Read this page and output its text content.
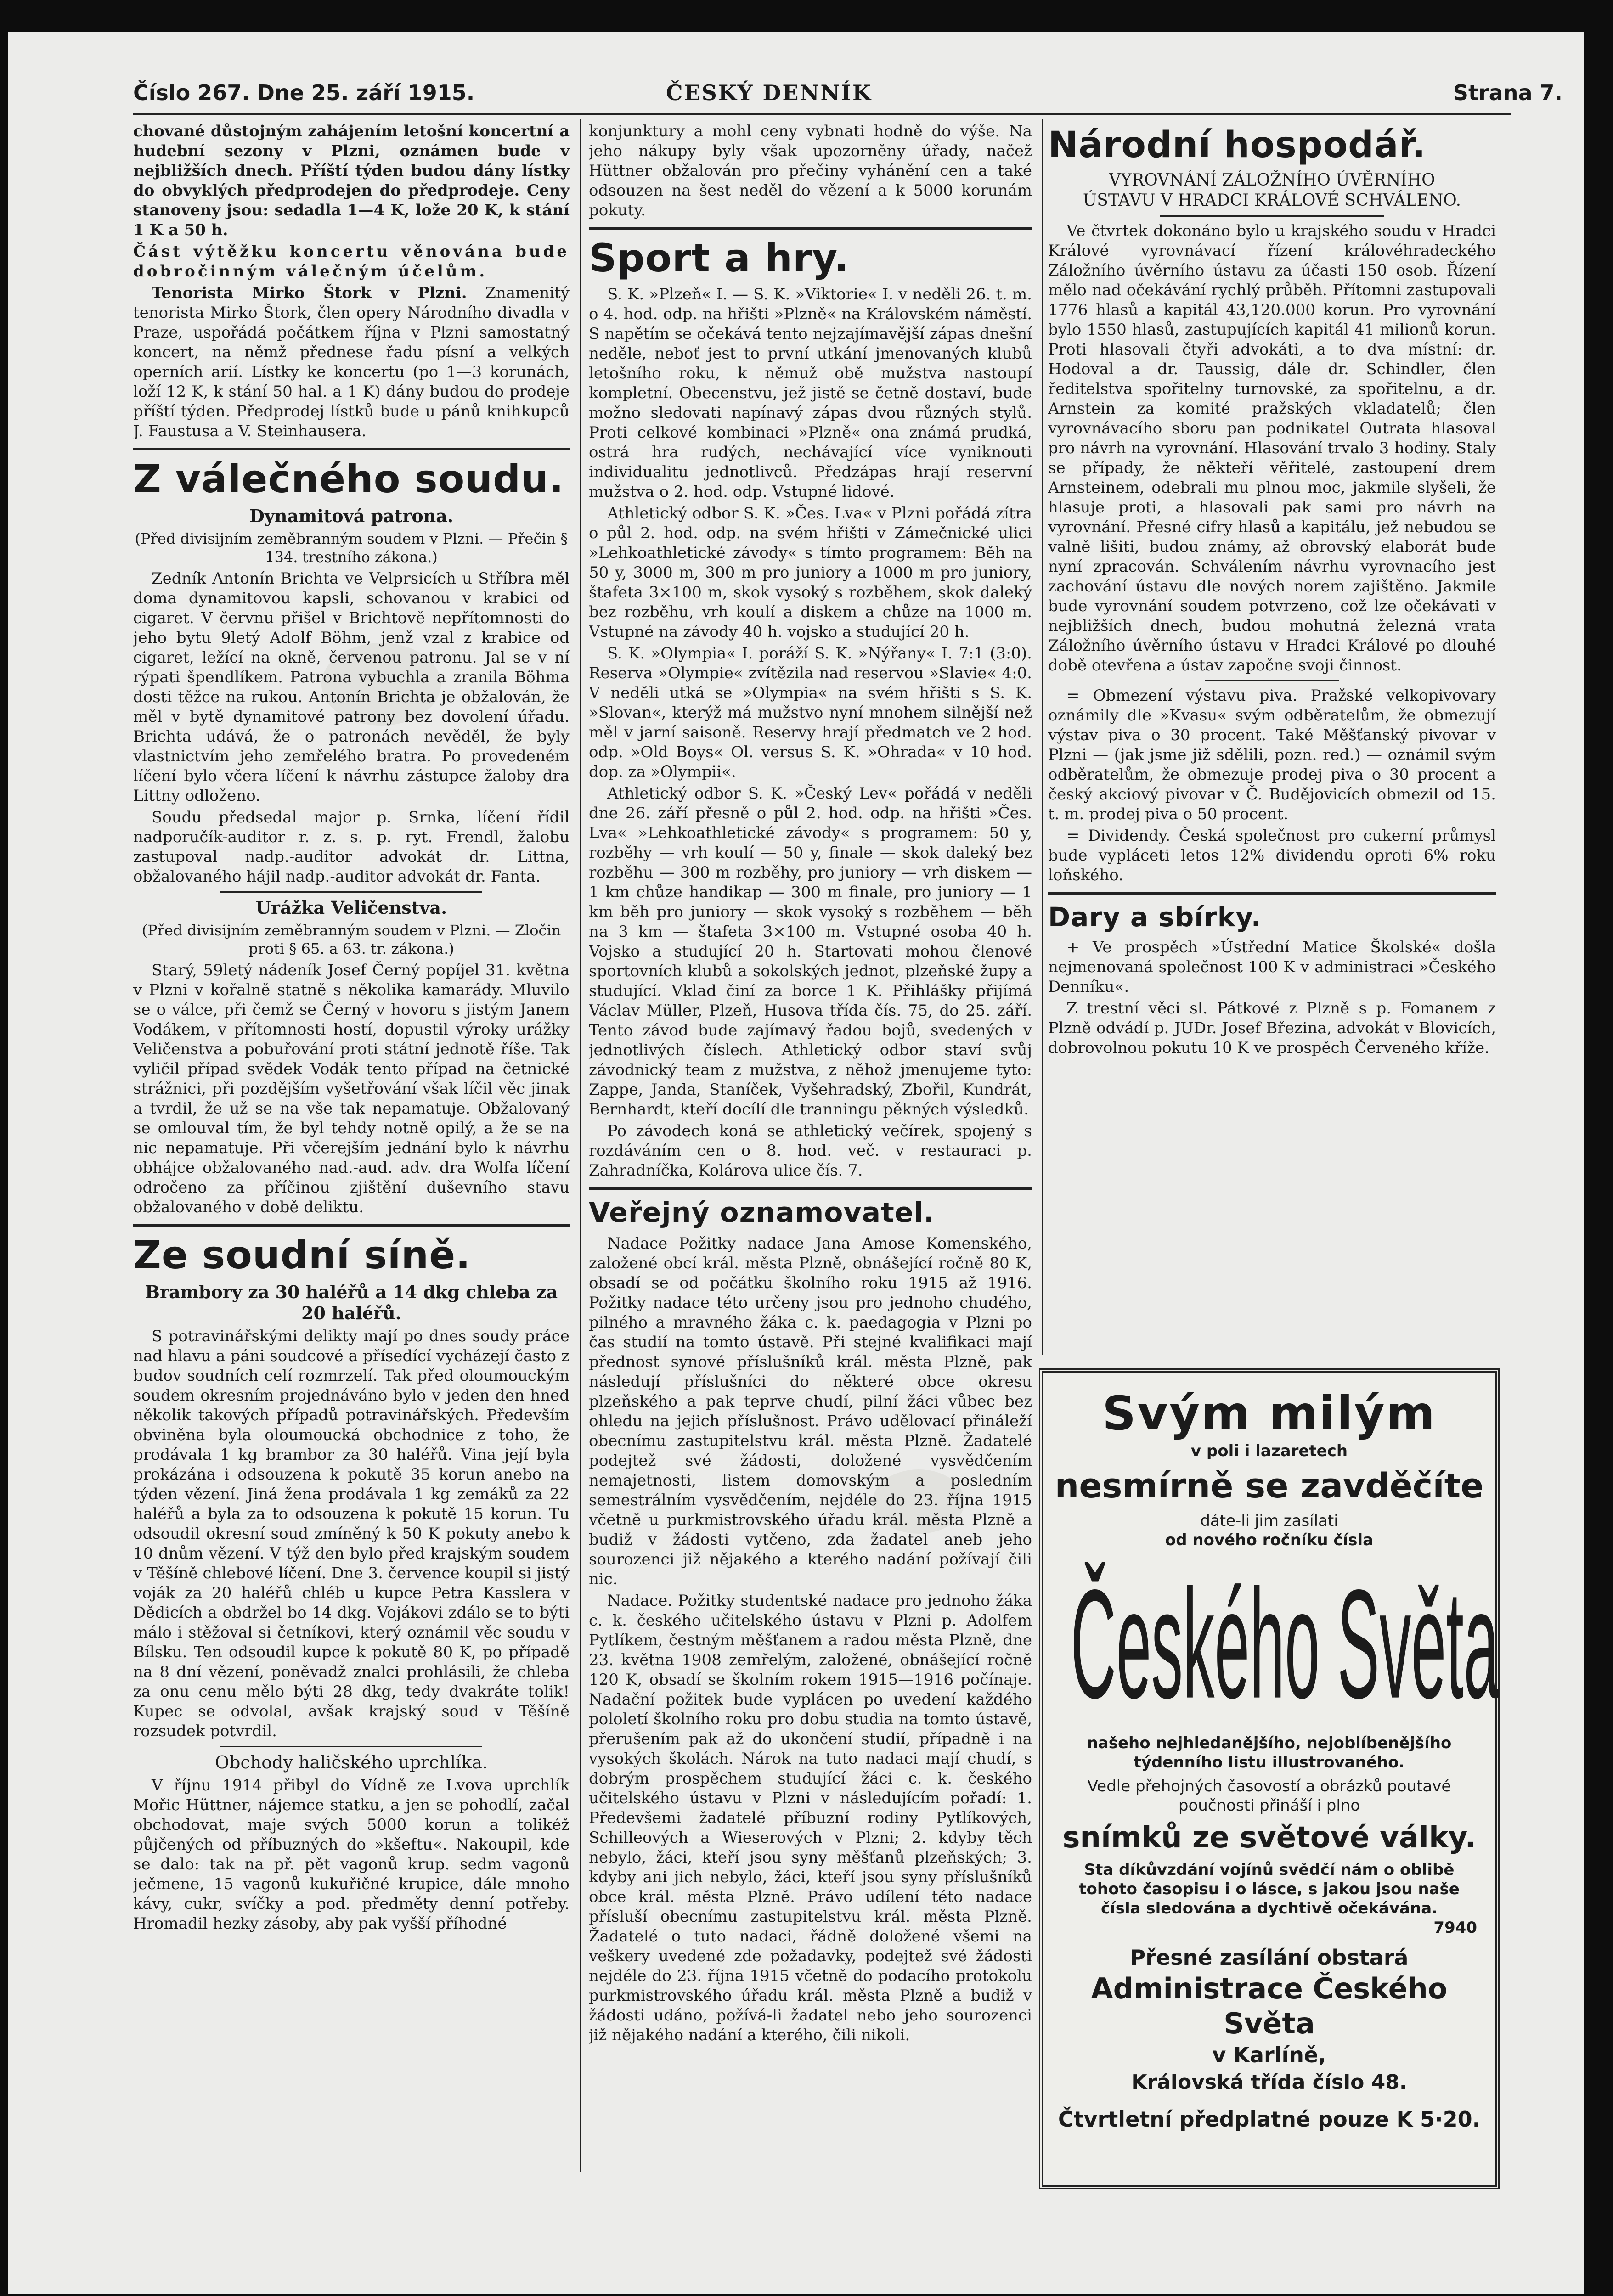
Číslo 267. Dne 25. září 1915.	ČESKÝ DENNÍK	Strana 7.

chované důstojným zahájením letošní koncertní a hudební sezony v Plzni, oznámen bude v nejbližších dnech. Příští týden budou dány lístky do obvyklých předprodejen do předprodeje. Ceny stanoveny jsou: sedadla 1—4 K, lože 20 K, k stání 1 K a 50 h.

Část výtěžku koncertu věnována bude dobročinným válečným účelům.

Tenorista Mirko Štork v Plzni. Znamenitý tenorista Mirko Štork, člen opery Národního divadla v Praze, uspořádá počátkem října v Plzni samostatný koncert, na němž přednese řadu písní a velkých operních arií. Lístky ke koncertu (po 1—3 korunách, loží 12 K, k stání 50 hal. a 1 K) dány budou do prodeje příští týden. Předprodej lístků bude u pánů knihkupců J. Faustusa a V. Steinhausera.

Z válečného soudu.
Dynamitová patrona.
(Před divisijním zeměbranným soudem v Plzni. — Přečin § 134. trestního zákona.)

Zedník Antonín Brichta ve Velprsicích u Stříbra měl doma dynamitovou kapsli, schovanou v krabici od cigaret. V červnu přišel v Brichtově nepřítomnosti do jeho bytu 9letý Adolf Böhm, jenž vzal z krabice od cigaret, ležící na okně, červenou patronu. Jal se v ní rýpati špendlíkem. Patrona vybuchla a zranila Böhma dosti těžce na rukou. Antonín Brichta je obžalován, že měl v bytě dynamitové patrony bez dovolení úřadu. Brichta udává, že o patronách nevěděl, že byly vlastnictvím jeho zemřelého bratra. Po provedeném líčení bylo včera líčení k návrhu zástupce žaloby dra Littny odloženo.

Soudu předsedal major p. Srnka, líčení řídil nadporučík-auditor r. z. s. p. ryt. Frendl, žalobu zastupoval nadp.-auditor advokát dr. Littna, obžalovaného hájil nadp.-auditor advokát dr. Fanta.

Urážka Veličenstva.
(Před divisijním zeměbranným soudem v Plzni. — Zločin proti § 65. a 63. tr. zákona.)

Starý, 59letý nádeník Josef Černý popíjel 31. května v Plzni v kořalně statně s několika kamarády. Mluvilo se o válce, při čemž se Černý v hovoru s jistým Janem Vodákem, v přítomnosti hostí, dopustil výroky urážky Veličenstva a pobuřování proti státní jednotě říše. Tak vyličil případ svědek Vodák tento případ na četnické strážnici, při pozdějším vyšetřování však líčil věc jinak a tvrdil, že už se na vše tak nepamatuje. Obžalovaný se omlouval tím, že byl tehdy notně opilý, a že se na nic nepamatuje. Při včerejším jednání bylo k návrhu obhájce obžalovaného nad.-aud. adv. dra Wolfa líčení odročeno za příčinou zjištění duševního stavu obžalovaného v době deliktu.

Ze soudní síně.
Brambory za 30 haléřů a 14 dkg chleba za 20 haléřů.

S potravinářskými delikty mají po dnes soudy práce nad hlavu a páni soudcové a přísedící vycházejí často z budov soudních celí rozmrzelí. Tak před oloumouckým soudem okresním projednáváno bylo v jeden den hned několik takových případů potravinářských. Především obviněna byla oloumoucká obchodnice z toho, že prodávala 1 kg brambor za 30 haléřů. Vina její byla prokázána i odsouzena k pokutě 35 korun anebo na týden vězení. Jiná žena prodávala 1 kg zemáků za 22 haléřů a byla za to odsouzena k pokutě 15 korun. Tu odsoudil okresní soud zmíněný k 50 K pokuty anebo k 10 dnům vězení. V týž den bylo před krajským soudem v Těšíně chlebové líčení. Dne 3. července koupil si jistý voják za 20 haléřů chléb u kupce Petra Kasslera v Dědicích a obdržel bo 14 dkg. Vojákovi zdálo se to býti málo i stěžoval si četníkovi, který oznámil věc soudu v Bílsku. Ten odsoudil kupce k pokutě 80 K, po případě na 8 dní vězení, poněvadž znalci prohlásili, že chleba za onu cenu mělo býti 28 dkg, tedy dvakráte tolik! Kupec se odvolal, avšak krajský soud v Těšíně rozsudek potvrdil.

Obchody haličského uprchlíka.

V říjnu 1914 přibyl do Vídně ze Lvova uprchlík Mořic Hüttner, nájemce statku, a jen se pohodlí, začal obchodovat, maje svých 5000 korun a tolikéž půjčených od příbuzných do »kšeftu«. Nakoupil, kde se dalo: tak na př. pět vagonů krup. sedm vagonů ječmene, 15 vagonů kukuřičné krupice, dále mnoho kávy, cukr, svíčky a pod. předměty denní potřeby. Hromadil hezky zásoby, aby pak vyšší příhodné

konjunktury a mohl ceny vybnati hodně do výše. Na jeho nákupy byly však upozorněny úřady, načež Hüttner obžalován pro přečiny vyhánění cen a také odsouzen na šest neděl do vězení a k 5000 korunám pokuty.

Sport a hry.

S. K. »Plzeň« I. — S. K. »Viktorie« I. v neděli 26. t. m. o 4. hod. odp. na hřišti »Plzně« na Královském náměstí. S napětím se očekává tento nejzajímavější zápas dnešní neděle, neboť jest to první utkání jmenovaných klubů letošního roku, k němuž obě mužstva nastoupí kompletní. Obecenstvu, jež jistě se četně dostaví, bude možno sledovati napínavý zápas dvou různých stylů. Proti celkové kombinaci »Plzně« ona známá prudká, ostrá hra rudých, nechávající více vyniknouti individualitu jednotlivců. Předzápas hrají reservní mužstva o 2. hod. odp. Vstupné lidové.

Athletický odbor S. K. »Čes. Lva« v Plzni pořádá zítra o půl 2. hod. odp. na svém hřišti v Zámečnické ulici »Lehkoathletické závody« s tímto programem: Běh na 50 y, 3000 m, 300 m pro juniory a 1000 m pro juniory, štafeta 3×100 m, skok vysoký s rozběhem, skok daleký bez rozběhu, vrh koulí a diskem a chůze na 1000 m. Vstupné na závody 40 h. vojsko a studující 20 h.

S. K. »Olympia« I. poráží S. K. »Nýřany« I. 7:1 (3:0). Reserva »Olympie« zvítězila nad reservou »Slavie« 4:0. V neděli utká se »Olympia« na svém hřišti s S. K. »Slovan«, kterýž má mužstvo nyní mnohem silnější než měl v jarní saisoně. Reservy hrají předmatch ve 2 hod. odp. »Old Boys« Ol. versus S. K. »Ohrada« v 10 hod. dop. za »Olympii«.

Athletický odbor S. K. »Český Lev« pořádá v neděli dne 26. září přesně o půl 2. hod. odp. na hřišti »Čes. Lva« »Lehkoathletické závody« s programem: 50 y, rozběhy — vrh koulí — 50 y, finale — skok daleký bez rozběhu — 300 m rozběhy, pro juniory — vrh diskem — 1 km chůze handikap — 300 m finale, pro juniory — 1 km běh pro juniory — skok vysoký s rozběhem — běh na 3 km — štafeta 3×100 m. Vstupné osoba 40 h. Vojsko a studující 20 h. Startovati mohou členové sportovních klubů a sokolských jednot, plzeňské župy a studující. Vklad činí za borce 1 K. Přihlášky přijímá Václav Müller, Plzeň, Husova třída čís. 75, do 25. září. Tento závod bude zajímavý řadou bojů, svedených v jednotlivých číslech. Athletický odbor staví svůj závodnický team z mužstva, z něhož jmenujeme tyto: Zappe, Janda, Staníček, Vyšehradský, Zbořil, Kundrát, Bernhardt, kteří docílí dle tranningu pěkných výsledků.

Po závodech koná se athletický večírek, spojený s rozdáváním cen o 8. hod. več. v restauraci p. Zahradníčka, Kolárova ulice čís. 7.

Veřejný oznamovatel.

Nadace Požitky nadace Jana Amose Komenského, založené obcí král. města Plzně, obnášející ročně 80 K, obsadí se od počátku školního roku 1915 až 1916. Požitky nadace této určeny jsou pro jednoho chudého, pilného a mravného žáka c. k. paedagogia v Plzni po čas studií na tomto ústavě. Při stejné kvalifikaci mají přednost synové příslušníků král. města Plzně, pak následují příslušníci do některé obce okresu plzeňského a pak teprve chudí, pilní žáci vůbec bez ohledu na jejich příslušnost. Právo udělovací přináleží obecnímu zastupitelstvu král. města Plzně. Žadatelé podejtež své žádosti, doložené vysvědčením nemajetnosti, listem domovským a posledním semestrálním vysvědčením, nejdéle do 23. října 1915 včetně u purkmistrovského úřadu král. města Plzně a budiž v žádosti vytčeno, zda žadatel aneb jeho sourozenci již nějakého a kterého nadání požívají čili nic.

Nadace. Požitky studentské nadace pro jednoho žáka c. k. českého učitelského ústavu v Plzni p. Adolfem Pytlíkem, čestným měšťanem a radou města Plzně, dne 23. května 1908 zemřelým, založené, obnášející ročně 120 K, obsadí se školním rokem 1915—1916 počínaje. Nadační požitek bude vyplácen po uvedení každého pololetí školního roku pro dobu studia na tomto ústavě, přerušením pak až do ukončení studií, případně i na vysokých školách. Nárok na tuto nadaci mají chudí, s dobrým prospěchem studující žáci c. k. českého učitelského ústavu v Plzni v následujícím pořadí: 1. Předevšemi žadatelé příbuzní rodiny Pytlíkových, Schilleových a Wieserových v Plzni; 2. kdyby těch nebylo, žáci, kteří jsou syny měšťanů plzeňských; 3. kdyby ani jich nebylo, žáci, kteří jsou syny příslušníků obce král. města Plzně. Právo udílení této nadace přísluší obecnímu zastupitelstvu král. města Plzně. Žadatelé o tuto nadaci, řádně doložené všemi na veškery uvedené zde požadavky, podejtež své žádosti nejdéle do 23. října 1915 včetně do podacího protokolu purkmistrovského úřadu král. města Plzně a budiž v žádosti udáno, požívá-li žadatel nebo jeho sourozenci již nějakého nadání a kterého, čili nikoli.

Národní hospodář.
VYROVNÁNÍ ZÁLOŽNÍHO ÚVĚRNÍHO ÚSTAVU V HRADCI KRÁLOVÉ SCHVÁLENO.

Ve čtvrtek dokonáno bylo u krajského soudu v Hradci Králové vyrovnávací řízení královéhradeckého Záložního úvěrního ústavu za účasti 150 osob. Řízení mělo nad očekávání rychlý průběh. Přítomni zastupovali 1776 hlasů a kapitál 43,120.000 korun. Pro vyrovnání bylo 1550 hlasů, zastupujících kapitál 41 milionů korun. Proti hlasovali čtyři advokáti, a to dva místní: dr. Hodoval a dr. Taussig, dále dr. Schindler, člen ředitelstva spořitelny turnovské, za spořitelnu, a dr. Arnstein za komité pražských vkladatelů; člen vyrovnávacího sboru pan podnikatel Outrata hlasoval pro návrh na vyrovnání. Hlasování trvalo 3 hodiny. Staly se případy, že někteří věřitelé, zastoupení drem Arnsteinem, odebrali mu plnou moc, jakmile slyšeli, že hlasuje proti, a hlasovali pak sami pro návrh na vyrovnání. Přesné cifry hlasů a kapitálu, jež nebudou se valně lišiti, budou známy, až obrovský elaborát bude nyní zpracován. Schválením návrhu vyrovnacího jest zachování ústavu dle nových norem zajištěno. Jakmile bude vyrovnání soudem potvrzeno, což lze očekávati v nejbližších dnech, budou mohutná železná vrata Záložního úvěrního ústavu v Hradci Králové po dlouhé době otevřena a ústav započne svoji činnost.

= Obmezení výstavu piva. Pražské velkopivovary oznámily dle »Kvasu« svým odběratelům, že obmezují výstav piva o 30 procent. Také Měšťanský pivovar v Plzni — (jak jsme již sdělili, pozn. red.) — oznámil svým odběratelům, že obmezuje prodej piva o 30 procent a český akciový pivovar v Č. Budějovicích obmezil od 15. t. m. prodej piva o 50 procent.

= Dividendy. Česká společnost pro cukerní průmysl bude vypláceti letos 12% dividendu oproti 6% roku loňského.

Dary a sbírky.

+ Ve prospěch »Ústřední Matice Školské« došla nejmenovaná společnost 100 K v administraci »Českého Denníku«.

Z trestní věci sl. Pátkové z Plzně s p. Fomanem z Plzně odvádí p. JUDr. Josef Březina, advokát v Blovicích, dobrovolnou pokutu 10 K ve prospěch Červeného kříže.

Svým milým
v poli i lazaretech
nesmírně se zavděčíte
dáte-li jim zasílati
od nového ročníku čísla
Českého Světa
našeho nejhledanějšího, nejoblíbenějšího týdenního listu illustrovaného.
Vedle přehojných časovostí a obrázků poutavé poučnosti přináší i plno
snímků ze světové války.
Sta díkůvzdání vojínů svědčí nám o oblibě tohoto časopisu i o lásce, s jakou jsou naše čísla sledována a dychtivě očekávána.
7940
Přesné zasílání obstará
Administrace Českého Světa
v Karlíně,
Královská třída číslo 48.
Čtvrtletní předplatné pouze K 5·20.
